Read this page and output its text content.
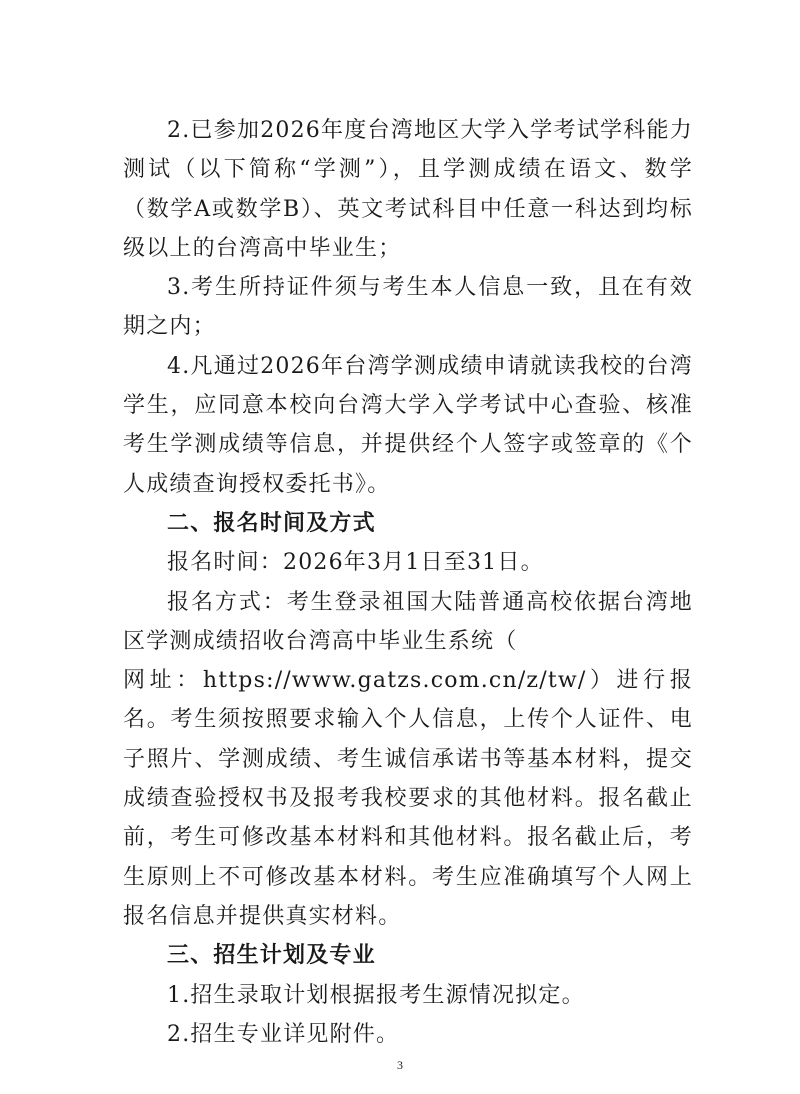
2.已参加2026年度台湾地区大学入学考试学科能力测试（以下简称“学测”），且学测成绩在语文、数学（数学A或数学B）、英文考试科目中任意一科达到均标级以上的台湾高中毕业生；

3.考生所持证件须与考生本人信息一致，且在有效期之内；

4.凡通过2026年台湾学测成绩申请就读我校的台湾学生，应同意本校向台湾大学入学考试中心查验、核准考生学测成绩等信息，并提供经个人签字或签章的《个人成绩查询授权委托书》。

二、报名时间及方式

报名时间：2026年3月1日至31日。

报名方式：考生登录祖国大陆普通高校依据台湾地区学测成绩招收台湾高中毕业生系统（

网址：https://www.gatzs.com.cn/z/tw/）进行报名。考生须按照要求输入个人信息，上传个人证件、电子照片、学测成绩、考生诚信承诺书等基本材料，提交成绩查验授权书及报考我校要求的其他材料。报名截止前，考生可修改基本材料和其他材料。报名截止后，考生原则上不可修改基本材料。考生应准确填写个人网上报名信息并提供真实材料。

三、招生计划及专业

1.招生录取计划根据报考生源情况拟定。

2.招生专业详见附件。

3
